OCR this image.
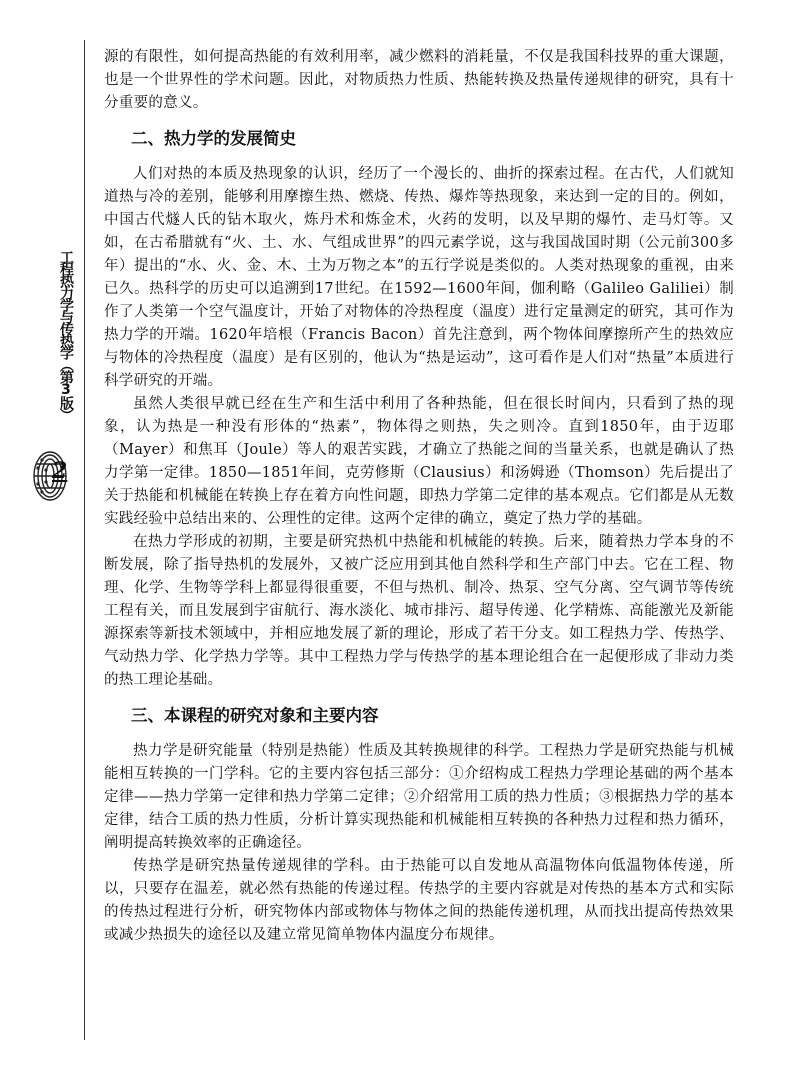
工程热力学与传热学（第3版）
2

源的有限性，如何提高热能的有效利用率，减少燃料的消耗量，不仅是我国科技界的重大课题，也是一个世界性的学术问题。因此，对物质热力性质、热能转换及热量传递规律的研究，具有十分重要的意义。

二、热力学的发展简史

人们对热的本质及热现象的认识，经历了一个漫长的、曲折的探索过程。在古代，人们就知道热与冷的差别，能够利用摩擦生热、燃烧、传热、爆炸等热现象，来达到一定的目的。例如，中国古代燧人氏的钻木取火，炼丹术和炼金术，火药的发明，以及早期的爆竹、走马灯等。又如，在古希腊就有“火、土、水、气组成世界”的四元素学说，这与我国战国时期（公元前300多年）提出的“水、火、金、木、土为万物之本”的五行学说是类似的。人类对热现象的重视，由来已久。热科学的历史可以追溯到17世纪。在1592—1600年间，伽利略（Galileo Galiliei）制作了人类第一个空气温度计，开始了对物体的冷热程度（温度）进行定量测定的研究，其可作为热力学的开端。1620年培根（Francis Bacon）首先注意到，两个物体间摩擦所产生的热效应与物体的冷热程度（温度）是有区别的，他认为“热是运动”，这可看作是人们对“热量”本质进行科学研究的开端。

虽然人类很早就已经在生产和生活中利用了各种热能，但在很长时间内，只看到了热的现象，认为热是一种没有形体的“热素”，物体得之则热，失之则冷。直到1850年，由于迈耶（Mayer）和焦耳（Joule）等人的艰苦实践，才确立了热能之间的当量关系，也就是确认了热力学第一定律。1850—1851年间，克劳修斯（Clausius）和汤姆逊（Thomson）先后提出了关于热能和机械能在转换上存在着方向性问题，即热力学第二定律的基本观点。它们都是从无数实践经验中总结出来的、公理性的定律。这两个定律的确立，奠定了热力学的基础。

在热力学形成的初期，主要是研究热机中热能和机械能的转换。后来，随着热力学本身的不断发展，除了指导热机的发展外，又被广泛应用到其他自然科学和生产部门中去。它在工程、物理、化学、生物等学科上都显得很重要，不但与热机、制冷、热泵、空气分离、空气调节等传统工程有关，而且发展到宇宙航行、海水淡化、城市排污、超导传递、化学精炼、高能激光及新能源探索等新技术领域中，并相应地发展了新的理论，形成了若干分支。如工程热力学、传热学、气动热力学、化学热力学等。其中工程热力学与传热学的基本理论组合在一起便形成了非动力类的热工理论基础。

三、本课程的研究对象和主要内容

热力学是研究能量（特别是热能）性质及其转换规律的科学。工程热力学是研究热能与机械能相互转换的一门学科。它的主要内容包括三部分：①介绍构成工程热力学理论基础的两个基本定律——热力学第一定律和热力学第二定律；②介绍常用工质的热力性质；③根据热力学的基本定律，结合工质的热力性质，分析计算实现热能和机械能相互转换的各种热力过程和热力循环，阐明提高转换效率的正确途径。

传热学是研究热量传递规律的学科。由于热能可以自发地从高温物体向低温物体传递，所以，只要存在温差，就必然有热能的传递过程。传热学的主要内容就是对传热的基本方式和实际的传热过程进行分析，研究物体内部或物体与物体之间的热能传递机理，从而找出提高传热效果或减少热损失的途径以及建立常见简单物体内温度分布规律。
